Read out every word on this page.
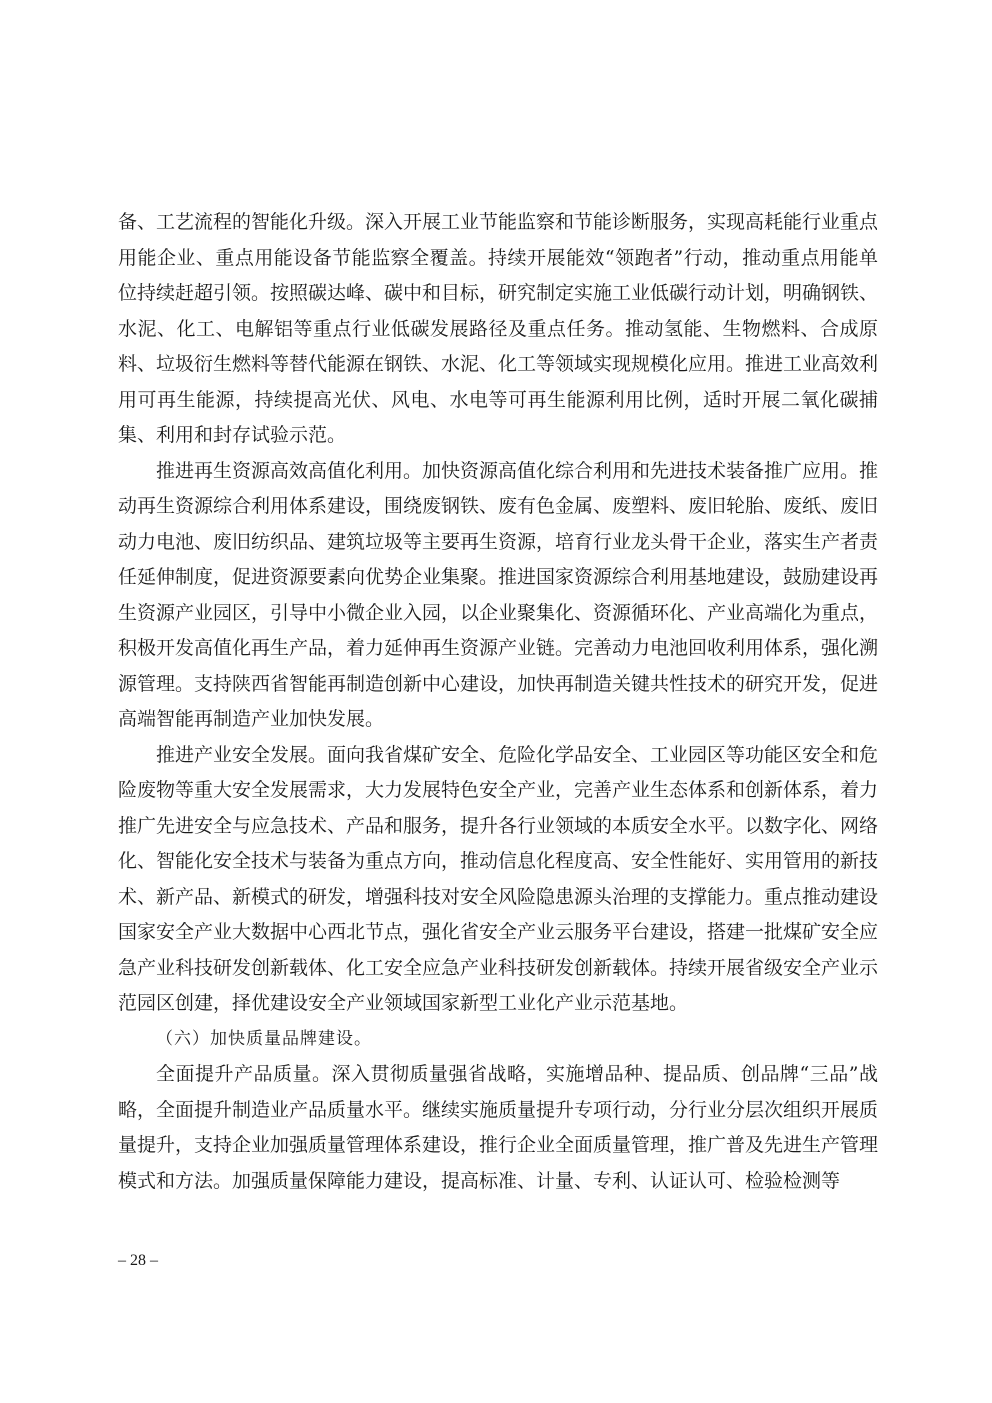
备、工艺流程的智能化升级。深入开展工业节能监察和节能诊断服务，实现高耗能行业重点用能企业、重点用能设备节能监察全覆盖。持续开展能效“领跑者”行动，推动重点用能单位持续赶超引领。按照碳达峰、碳中和目标，研究制定实施工业低碳行动计划，明确钢铁、水泥、化工、电解铝等重点行业低碳发展路径及重点任务。推动氢能、生物燃料、合成原料、垃圾衍生燃料等替代能源在钢铁、水泥、化工等领域实现规模化应用。推进工业高效利用可再生能源，持续提高光伏、风电、水电等可再生能源利用比例，适时开展二氧化碳捕集、利用和封存试验示范。

推进再生资源高效高值化利用。加快资源高值化综合利用和先进技术装备推广应用。推动再生资源综合利用体系建设，围绕废钢铁、废有色金属、废塑料、废旧轮胎、废纸、废旧动力电池、废旧纺织品、建筑垃圾等主要再生资源，培育行业龙头骨干企业，落实生产者责任延伸制度，促进资源要素向优势企业集聚。推进国家资源综合利用基地建设，鼓励建设再生资源产业园区，引导中小微企业入园，以企业聚集化、资源循环化、产业高端化为重点，积极开发高值化再生产品，着力延伸再生资源产业链。完善动力电池回收利用体系，强化溯源管理。支持陕西省智能再制造创新中心建设，加快再制造关键共性技术的研究开发，促进高端智能再制造产业加快发展。

推进产业安全发展。面向我省煤矿安全、危险化学品安全、工业园区等功能区安全和危险废物等重大安全发展需求，大力发展特色安全产业，完善产业生态体系和创新体系，着力推广先进安全与应急技术、产品和服务，提升各行业领域的本质安全水平。以数字化、网络化、智能化安全技术与装备为重点方向，推动信息化程度高、安全性能好、实用管用的新技术、新产品、新模式的研发，增强科技对安全风险隐患源头治理的支撑能力。重点推动建设国家安全产业大数据中心西北节点，强化省安全产业云服务平台建设，搭建一批煤矿安全应急产业科技研发创新载体、化工安全应急产业科技研发创新载体。持续开展省级安全产业示范园区创建，择优建设安全产业领域国家新型工业化产业示范基地。

（六）加快质量品牌建设。

全面提升产品质量。深入贯彻质量强省战略，实施增品种、提品质、创品牌“三品”战略，全面提升制造业产品质量水平。继续实施质量提升专项行动，分行业分层次组织开展质量提升，支持企业加强质量管理体系建设，推行企业全面质量管理，推广普及先进生产管理模式和方法。加强质量保障能力建设，提高标准、计量、专利、认证认可、检验检测等

– 28 –
